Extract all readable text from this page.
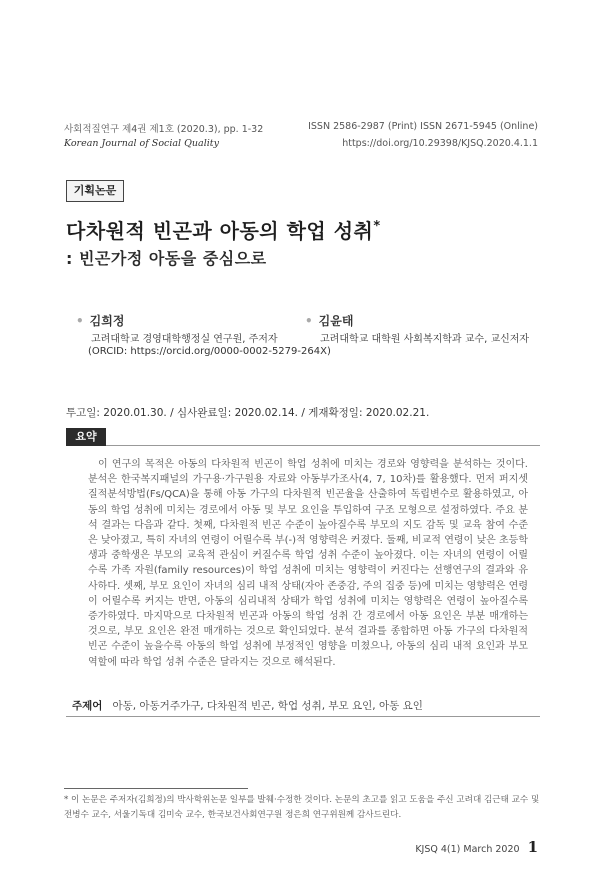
사회적질연구 제4권 제1호 (2020.3), pp. 1-32
Korean Journal of Social Quality
ISSN 2586-2987 (Print) ISSN 2671-5945 (Online)
https://doi.org/10.29398/KJSQ.2020.4.1.1
기획논문
다차원적 빈곤과 아동의 학업 성취*
: 빈곤가정 아동을 중심으로
• 김희정
고려대학교 경영대학행정실 연구원, 주저자
(ORCID: https://orcid.org/0000-0002-5279-264X)
• 김윤태
고려대학교 대학원 사회복지학과 교수, 교신저자
투고일: 2020.01.30. / 심사완료일: 2020.02.14. / 게재확정일: 2020.02.21.
요약

이 연구의 목적은 아동의 다차원적 빈곤이 학업 성취에 미치는 경로와 영향력을 분석하는 것이다. 분석은 한국복지패널의 가구용·가구원용 자료와 아동부가조사(4, 7, 10차)를 활용했다. 먼저 퍼지셋 질적분석방법(Fs/QCA)을 통해 아동 가구의 다차원적 빈곤율을 산출하여 독립변수로 활용하였고, 아동의 학업 성취에 미치는 경로에서 아동 및 부모 요인을 투입하여 구조 모형으로 설정하였다. 주요 분석 결과는 다음과 같다. 첫째, 다차원적 빈곤 수준이 높아질수록 부모의 지도 감독 및 교육 참여 수준은 낮아졌고, 특히 자녀의 연령이 어릴수록 부(-)적 영향력은 커졌다. 둘째, 비교적 연령이 낮은 초등학생과 중학생은 부모의 교육적 관심이 커질수록 학업 성취 수준이 높아졌다. 이는 자녀의 연령이 어릴수록 가족 자원(family resources)이 학업 성취에 미치는 영향력이 커진다는 선행연구의 결과와 유사하다. 셋째, 부모 요인이 자녀의 심리 내적 상태(자아 존중감, 주의 집중 등)에 미치는 영향력은 연령이 어릴수록 커지는 반면, 아동의 심리내적 상태가 학업 성취에 미치는 영향력은 연령이 높아질수록 증가하였다. 마지막으로 다차원적 빈곤과 아동의 학업 성취 간 경로에서 아동 요인은 부분 매개하는 것으로, 부모 요인은 완전 매개하는 것으로 확인되었다. 분석 결과를 종합하면 아동 가구의 다차원적 빈곤 수준이 높을수록 아동의 학업 성취에 부정적인 영향을 미쳤으나, 아동의 심리 내적 요인과 부모 역할에 따라 학업 성취 수준은 달라지는 것으로 해석된다.

주제어 아동, 아동거주가구, 다차원적 빈곤, 학업 성취, 부모 요인, 아동 요인

* 이 논문은 주저자(김희정)의 박사학위논문 일부를 발췌·수정한 것이다. 논문의 초고를 읽고 도움을 주신 고려대 김근태 교수 및 전병수 교수, 서울기독대 김미숙 교수, 한국보건사회연구원 정은희 연구위원께 감사드린다.

KJSQ 4(1) March 2020 1
